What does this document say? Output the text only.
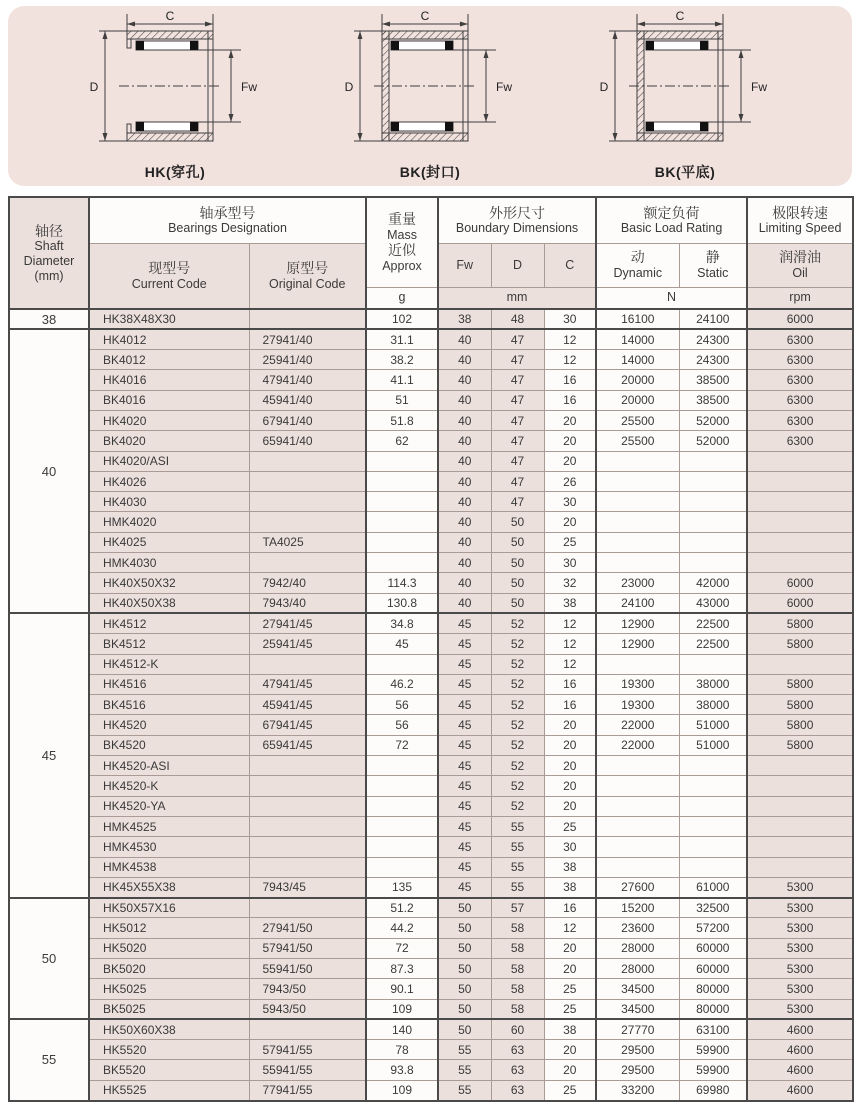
C
D	Fw
HK(穿孔)
C
D	Fw
BK(封口)
C
D	Fw
BK(平底)
轴径
Shaft
Diameter
(mm)	轴承型号
Bearings Designation		重量
Mass
近似
Approx	外形尺寸
Boundary Dimensions			额定负荷
Basic Load Rating		极限转速
Limiting Speed

	现型号
Current Code	原型号
Original Code		Fw	D	C	动
Dynamic	静
Static	润滑油
Oil

			g	mm			N		rpm
38	HK38X48X30		102	38	48	30	16100	24100	6000
40	HK4012	27941/40	31.1	40	47	12	14000	24300	6300
	BK4012	25941/40	38.2	40	47	12	14000	24300	6300
	HK4016	47941/40	41.1	40	47	16	20000	38500	6300
	BK4016	45941/40	51	40	47	16	20000	38500	6300
	HK4020	67941/40	51.8	40	47	20	25500	52000	6300
	BK4020	65941/40	62	40	47	20	25500	52000	6300
	HK4020/ASI			40	47	20			
	HK4026			40	47	26			
	HK4030			40	47	30			
	HMK4020			40	50	20			
	HK4025	TA4025		40	50	25			
	HMK4030			40	50	30			
	HK40X50X32	7942/40	114.3	40	50	32	23000	42000	6000
	HK40X50X38	7943/40	130.8	40	50	38	24100	43000	6000
45	HK4512	27941/45	34.8	45	52	12	12900	22500	5800
	BK4512	25941/45	45	45	52	12	12900	22500	5800
	HK4512-K			45	52	12			
	HK4516	47941/45	46.2	45	52	16	19300	38000	5800
	BK4516	45941/45	56	45	52	16	19300	38000	5800
	HK4520	67941/45	56	45	52	20	22000	51000	5800
	BK4520	65941/45	72	45	52	20	22000	51000	5800
	HK4520-ASI			45	52	20			
	HK4520-K			45	52	20			
	HK4520-YA			45	52	20			
	HMK4525			45	55	25			
	HMK4530			45	55	30			
	HMK4538			45	55	38			
	HK45X55X38	7943/45	135	45	55	38	27600	61000	5300
50	HK50X57X16		51.2	50	57	16	15200	32500	5300
	HK5012	27941/50	44.2	50	58	12	23600	57200	5300
	HK5020	57941/50	72	50	58	20	28000	60000	5300
	BK5020	55941/50	87.3	50	58	20	28000	60000	5300
	HK5025	7943/50	90.1	50	58	25	34500	80000	5300
	BK5025	5943/50	109	50	58	25	34500	80000	5300
55	HK50X60X38		140	50	60	38	27770	63100	4600
	HK5520	57941/55	78	55	63	20	29500	59900	4600
	BK5520	55941/55	93.8	55	63	20	29500	59900	4600
	HK5525	77941/55	109	55	63	25	33200	69980	4600
